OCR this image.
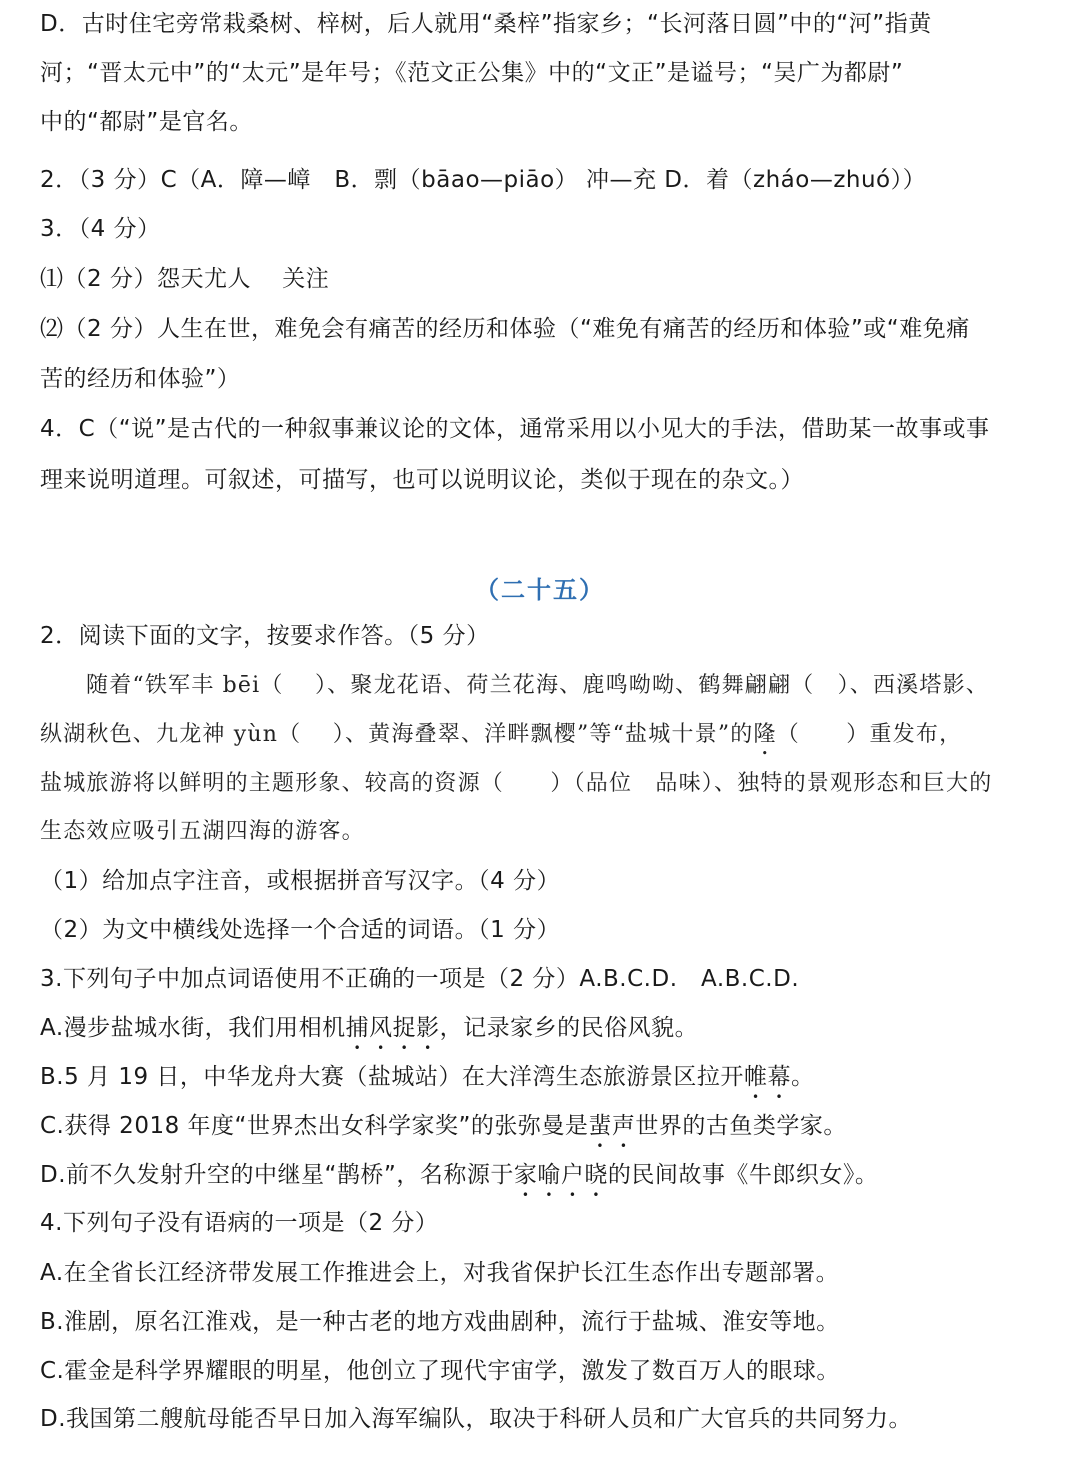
D．古时住宅旁常栽桑树、梓树，后人就用“桑梓”指家乡；“长河落日圆”中的“河”指黄
河；“晋太元中”的“太元”是年号；《范文正公集》中的“文正”是谥号；“吴广为都尉”
中的“都尉”是官名。
2．（3 分）C（A．障—嶂　B．剽（bāao—piāo） 冲—充 D．着（zháo—zhuó））
3．（4 分）
⑴（2 分）怨天尤人　 关注
⑵（2 分）人生在世，难免会有痛苦的经历和体验（“难免有痛苦的经历和体验”或“难免痛
苦的经历和体验”）
4．C（“说”是古代的一种叙事兼议论的文体，通常采用以小见大的手法，借助某一故事或事
理来说明道理。可叙述，可描写，也可以说明议论，类似于现在的杂文。）
（二十五）
2．阅读下面的文字，按要求作答。（5 分）
随着“铁军丰 bēi（　 ）、聚龙花语、荷兰花海、鹿鸣呦呦、鹤舞翩翩（　）、西溪塔影、
纵湖秋色、九龙神 yùn（　 ）、黄海叠翠、洋畔飘樱”等“盐城十景”的隆（　　）重发布，
盐城旅游将以鲜明的主题形象、较高的资源（　　）（品位　品味）、独特的景观形态和巨大的
生态效应吸引五湖四海的游客。
（1）给加点字注音，或根据拼音写汉字。（4 分）
（2）为文中横线处选择一个合适的词语。（1 分）
3.下列句子中加点词语使用不正确的一项是（2 分）A.B.C.D.　A.B.C.D.
A.漫步盐城水街，我们用相机捕风捉影，记录家乡的民俗风貌。
B.5 月 19 日，中华龙舟大赛（盐城站）在大洋湾生态旅游景区拉开帷幕。
C.获得 2018 年度“世界杰出女科学家奖”的张弥曼是蜚声世界的古鱼类学家。
D.前不久发射升空的中继星“鹊桥”，名称源于家喻户晓的民间故事《牛郎织女》。
4.下列句子没有语病的一项是（2 分）
A.在全省长江经济带发展工作推进会上，对我省保护长江生态作出专题部署。
B.淮剧，原名江淮戏，是一种古老的地方戏曲剧种，流行于盐城、淮安等地。
C.霍金是科学界耀眼的明星，他创立了现代宇宙学，激发了数百万人的眼球。
D.我国第二艘航母能否早日加入海军编队，取决于科研人员和广大官兵的共同努力。
